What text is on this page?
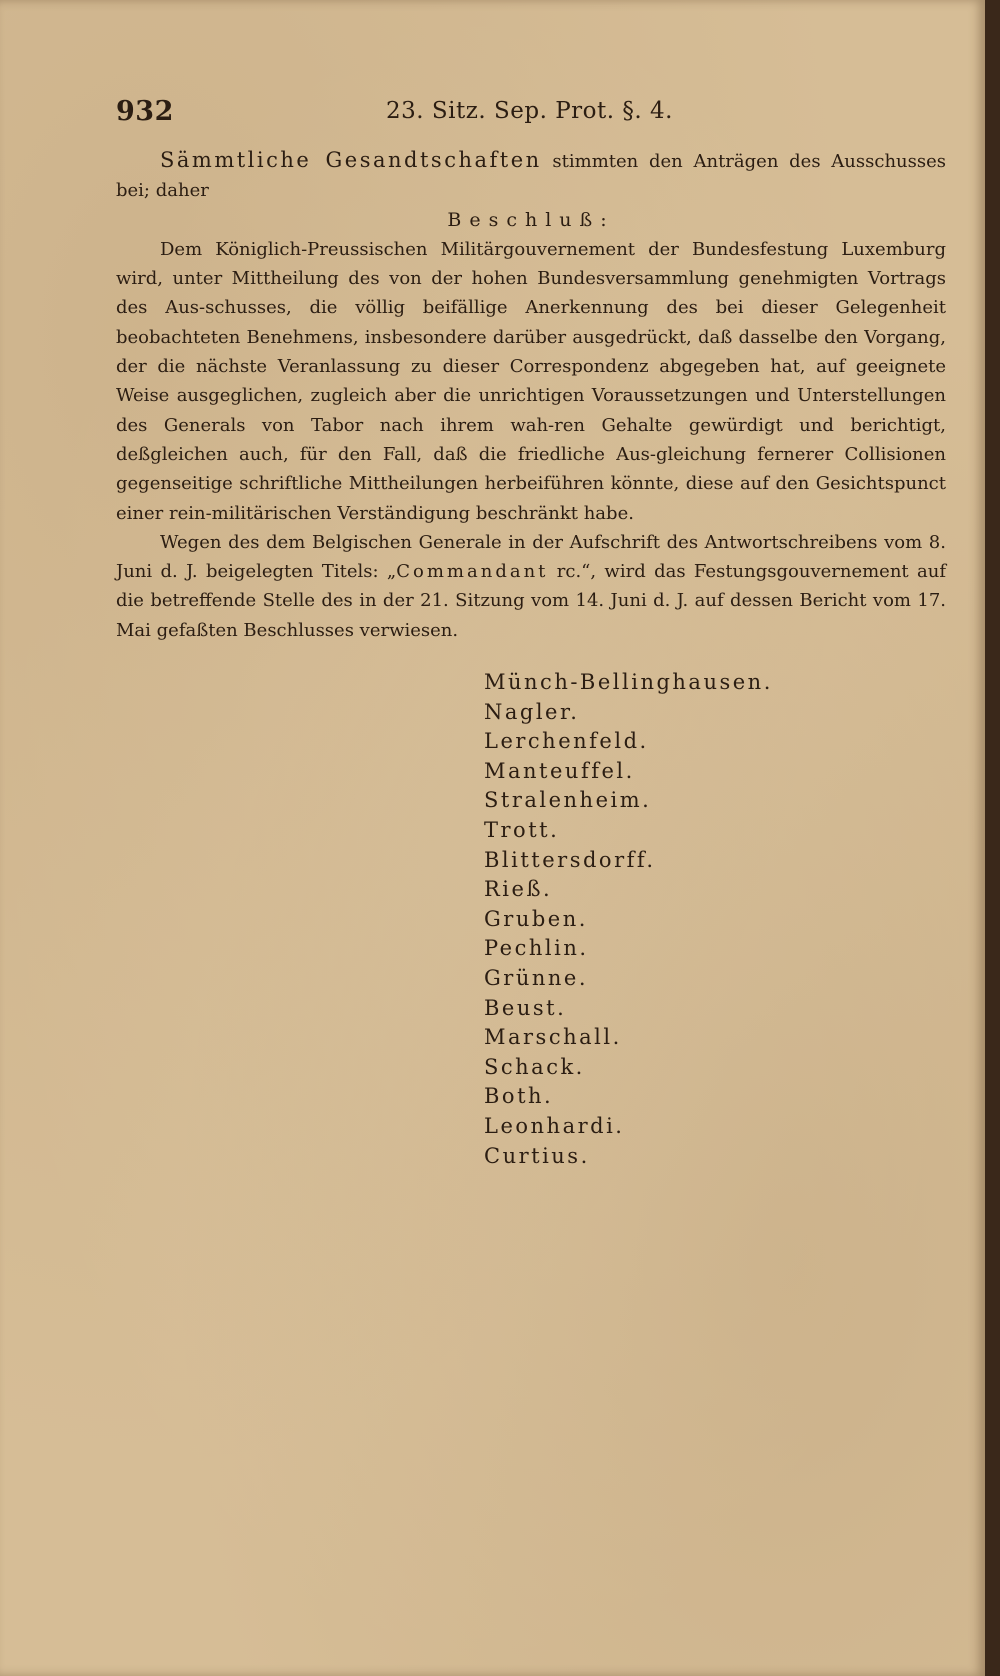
932	23. Sitz. Sep. Prot. §. 4.

Sämmtliche Gesandtschaften stimmten den Anträgen des Ausschusses bei; daher

Beschluß:

Dem Königlich-Preussischen Militärgouvernement der Bundesfestung Luxemburg wird, unter Mittheilung des von der hohen Bundesversammlung genehmigten Vortrags des Aus-schusses, die völlig beifällige Anerkennung des bei dieser Gelegenheit beobachteten Benehmens, insbesondere darüber ausgedrückt, daß dasselbe den Vorgang, der die nächste Veranlassung zu dieser Correspondenz abgegeben hat, auf geeignete Weise ausgeglichen, zugleich aber die unrichtigen Voraussetzungen und Unterstellungen des Generals von Tabor nach ihrem wah-ren Gehalte gewürdigt und berichtigt, deßgleichen auch, für den Fall, daß die friedliche Aus-gleichung fernerer Collisionen gegenseitige schriftliche Mittheilungen herbeiführen könnte, diese auf den Gesichtspunct einer rein-militärischen Verständigung beschränkt habe.

Wegen des dem Belgischen Generale in der Aufschrift des Antwortschreibens vom 8. Juni d. J. beigelegten Titels: „Commandant rc.“, wird das Festungsgouvernement auf die betreffende Stelle des in der 21. Sitzung vom 14. Juni d. J. auf dessen Bericht vom 17. Mai gefaßten Beschlusses verwiesen.

Münch-Bellinghausen.
Nagler.
Lerchenfeld.
Manteuffel.
Stralenheim.
Trott.
Blittersdorff.
Rieß.
Gruben.
Pechlin.
Grünne.
Beust.
Marschall.
Schack.
Both.
Leonhardi.
Curtius.
